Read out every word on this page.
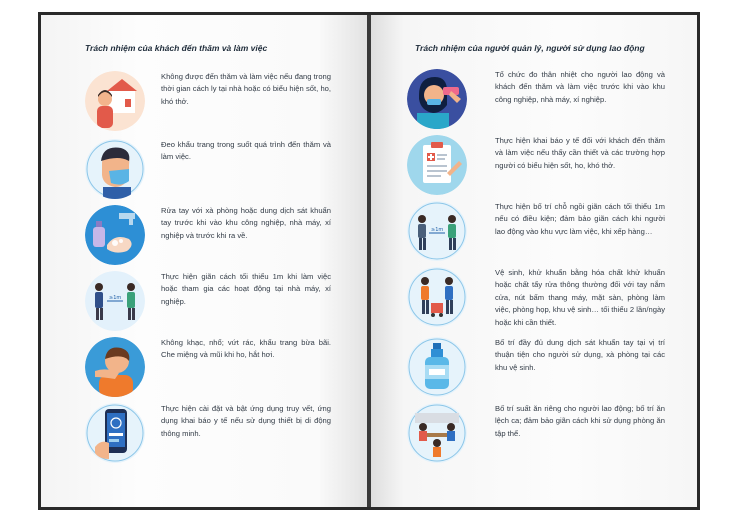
Trách nhiệm của khách đến thăm và làm việc
Không được đến thăm và làm việc nếu đang trong thời gian cách ly tại nhà hoặc có biểu hiện sốt, ho, khó thở.
Đeo khẩu trang trong suốt quá trình đến thăm và làm việc.
Rửa tay với xà phòng hoặc dung dịch sát khuẩn tay trước khi vào khu công nghiệp, nhà máy, xí nghiệp và trước khi ra về.
≥1m
Thực hiện giãn cách tối thiểu 1m khi làm việc hoặc tham gia các hoạt động tại nhà máy, xí nghiệp.
Không khạc, nhổ; vứt rác, khẩu trang bừa bãi. Che miệng và mũi khi ho, hắt hơi.
Thực hiện cài đặt và bật ứng dụng truy vết, ứng dụng khai báo y tế nếu sử dụng thiết bị di động thông minh.
Trách nhiệm của người quản lý, người sử dụng lao động
Tổ chức đo thân nhiệt cho người lao động và khách đến thăm và làm việc trước khi vào khu công nghiệp, nhà máy, xí nghiệp.
Thực hiện khai báo y tế đối với khách đến thăm và làm việc nếu thấy cần thiết và các trường hợp người có biểu hiện sốt, ho, khó thở.
≥1m
Thực hiện bố trí chỗ ngồi giãn cách tối thiểu 1m nếu có điều kiện; đảm bảo giãn cách khi người lao động vào khu vực làm việc, khi xếp hàng…
Vệ sinh, khử khuẩn bằng hóa chất khử khuẩn hoặc chất tẩy rửa thông thường đối với tay nắm cửa, nút bấm thang máy, mặt sàn, phòng làm việc, phòng họp, khu vệ sinh… tối thiểu 2 lần/ngày hoặc khi cần thiết.
Bố trí đầy đủ dung dịch sát khuẩn tay tại vị trí thuận tiện cho người sử dụng, xà phòng tại các khu vệ sinh.
Bố trí suất ăn riêng cho người lao động; bố trí ăn lệch ca; đảm bảo giãn cách khi sử dụng phòng ăn tập thể.
